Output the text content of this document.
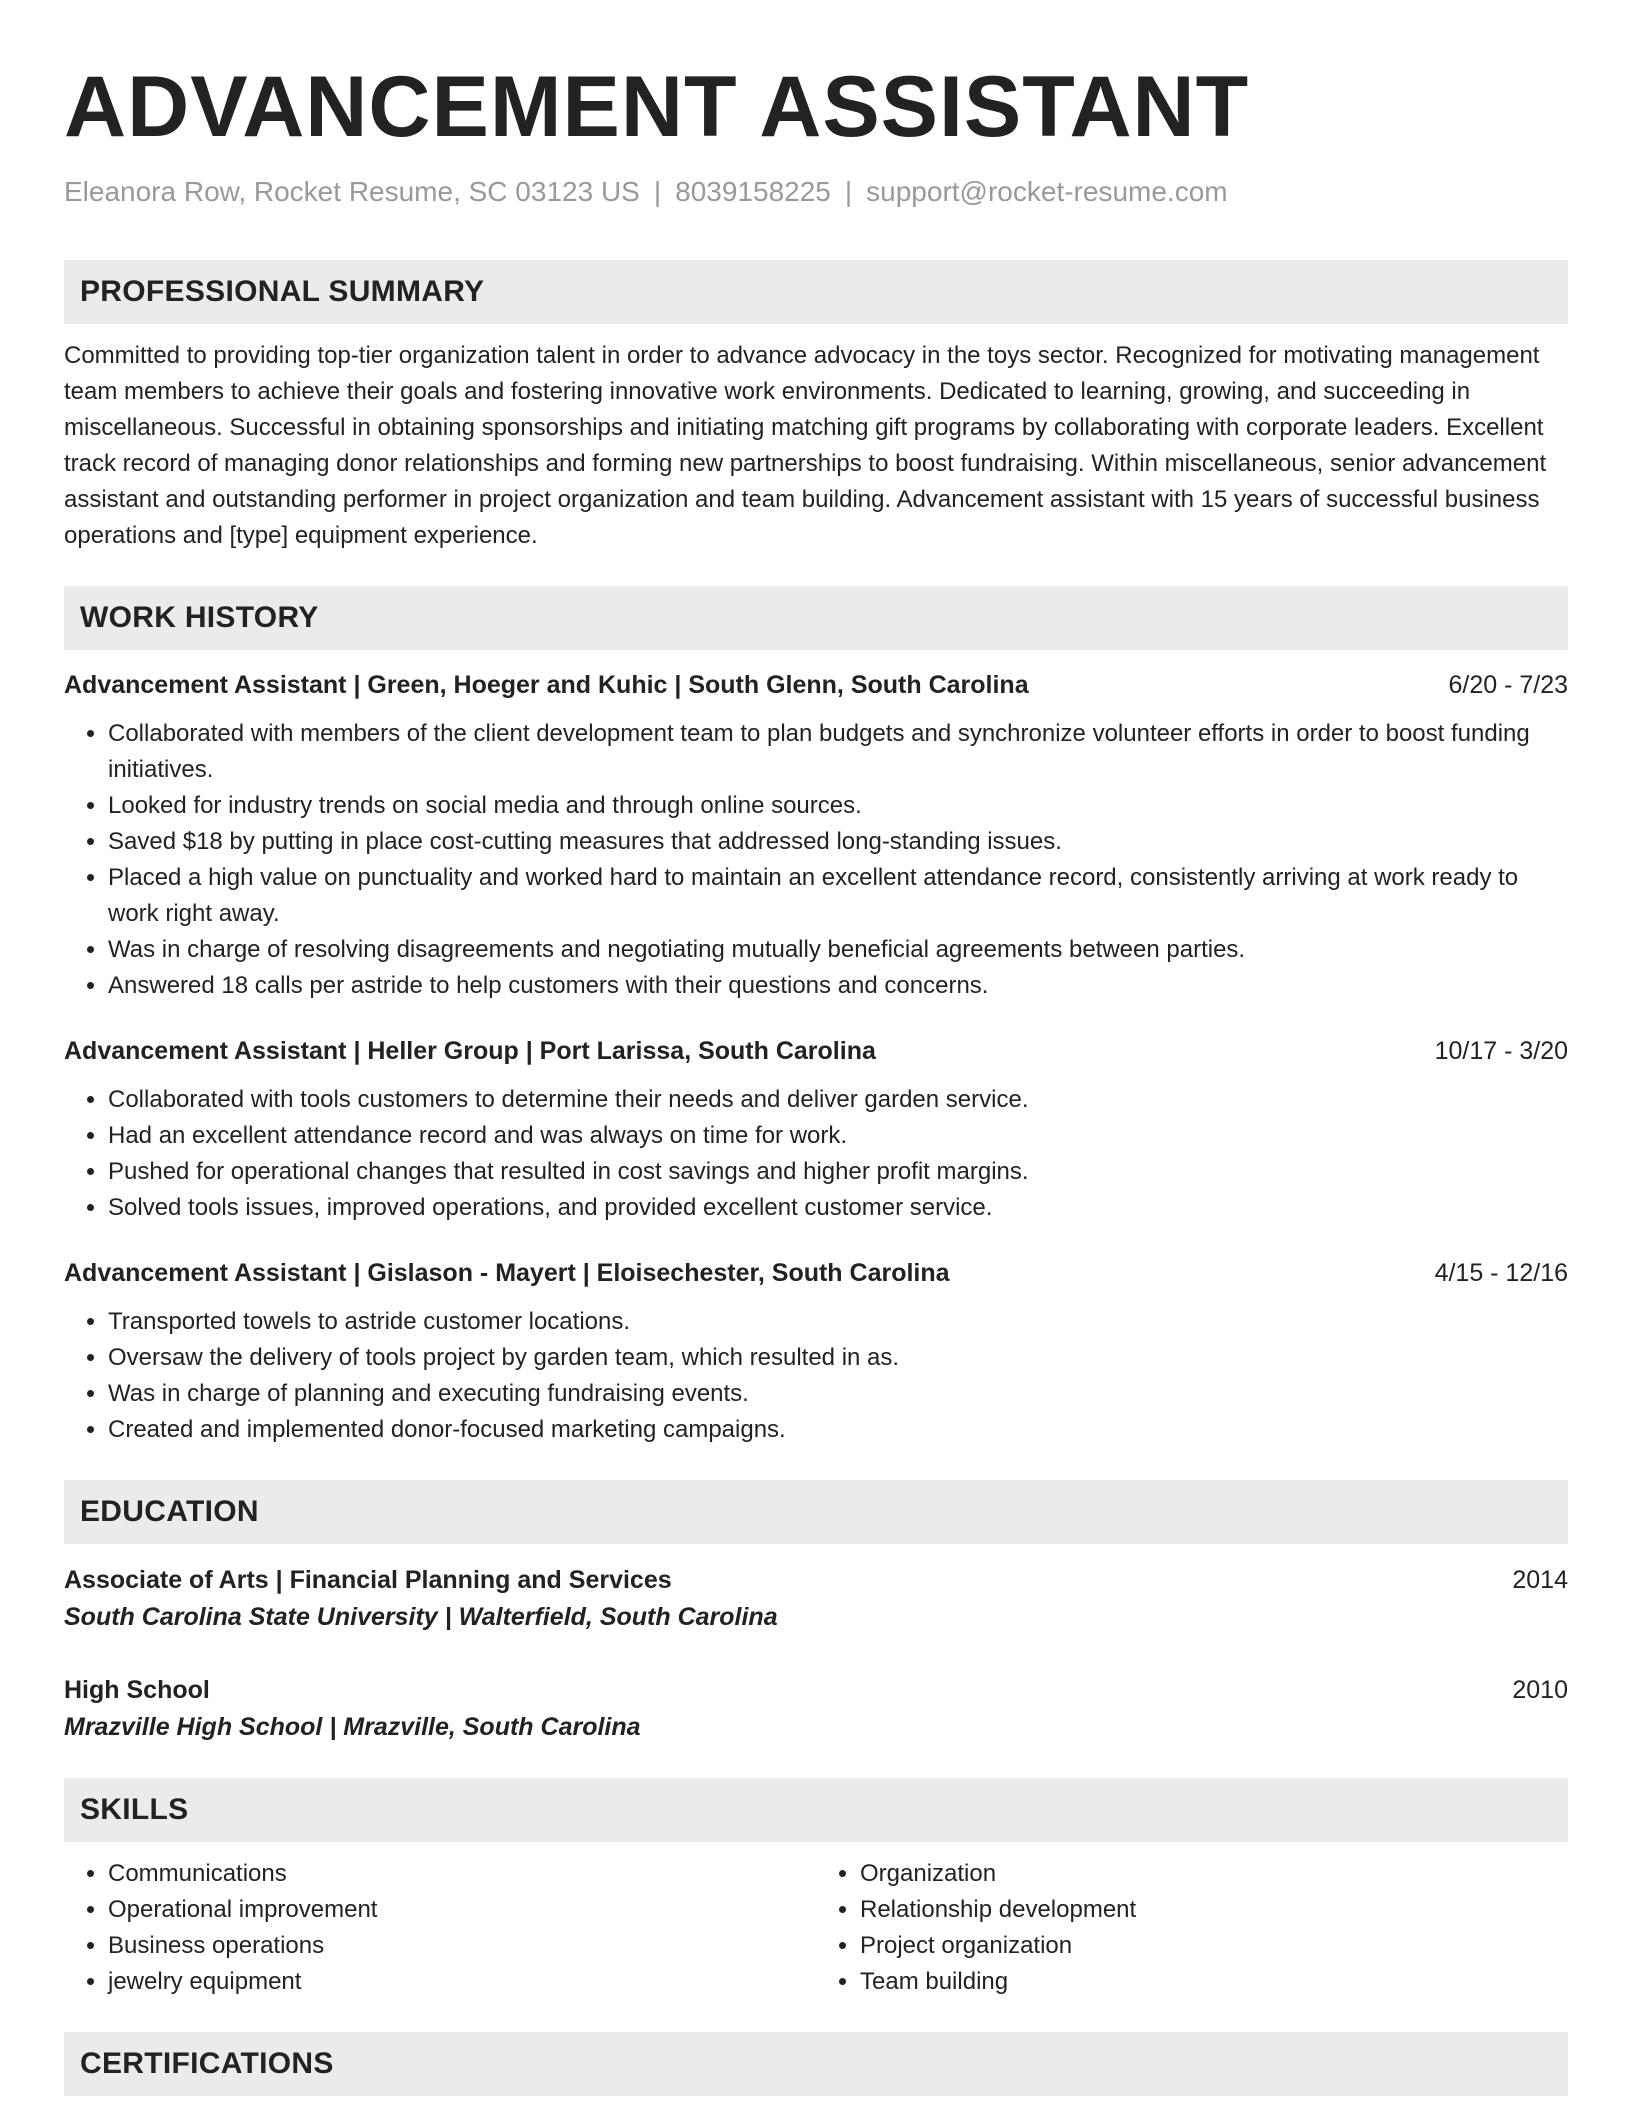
ADVANCEMENT ASSISTANT
Eleanora Row, Rocket Resume, SC 03123 US | 8039158225 | support@rocket-resume.com
PROFESSIONAL SUMMARY

Committed to providing top-tier organization talent in order to advance advocacy in the toys sector. Recognized for motivating management team members to achieve their goals and fostering innovative work environments. Dedicated to learning, growing, and succeeding in miscellaneous. Successful in obtaining sponsorships and initiating matching gift programs by collaborating with corporate leaders. Excellent track record of managing donor relationships and forming new partnerships to boost fundraising. Within miscellaneous, senior advancement assistant and outstanding performer in project organization and team building. Advancement assistant with 15 years of successful business operations and [type] equipment experience.

WORK HISTORY
Advancement Assistant | Green, Hoeger and Kuhic | South Glenn, South Carolina	6/20 - 7/23
• Collaborated with members of the client development team to plan budgets and synchronize volunteer efforts in order to boost funding initiatives.
• Looked for industry trends on social media and through online sources.
• Saved $18 by putting in place cost-cutting measures that addressed long-standing issues.
• Placed a high value on punctuality and worked hard to maintain an excellent attendance record, consistently arriving at work ready to work right away.
• Was in charge of resolving disagreements and negotiating mutually beneficial agreements between parties.
• Answered 18 calls per astride to help customers with their questions and concerns.
Advancement Assistant | Heller Group | Port Larissa, South Carolina	10/17 - 3/20
• Collaborated with tools customers to determine their needs and deliver garden service.
• Had an excellent attendance record and was always on time for work.
• Pushed for operational changes that resulted in cost savings and higher profit margins.
• Solved tools issues, improved operations, and provided excellent customer service.
Advancement Assistant | Gislason - Mayert | Eloisechester, South Carolina	4/15 - 12/16
• Transported towels to astride customer locations.
• Oversaw the delivery of tools project by garden team, which resulted in as.
• Was in charge of planning and executing fundraising events.
• Created and implemented donor-focused marketing campaigns.
EDUCATION
Associate of Arts | Financial Planning and Services	2014
South Carolina State University | Walterfield, South Carolina
High School	2010
Mrazville High School | Mrazville, South Carolina
SKILLS
• Communications
• Operational improvement
• Business operations
• jewelry equipment
• Organization
• Relationship development
• Project organization
• Team building
CERTIFICATIONS
